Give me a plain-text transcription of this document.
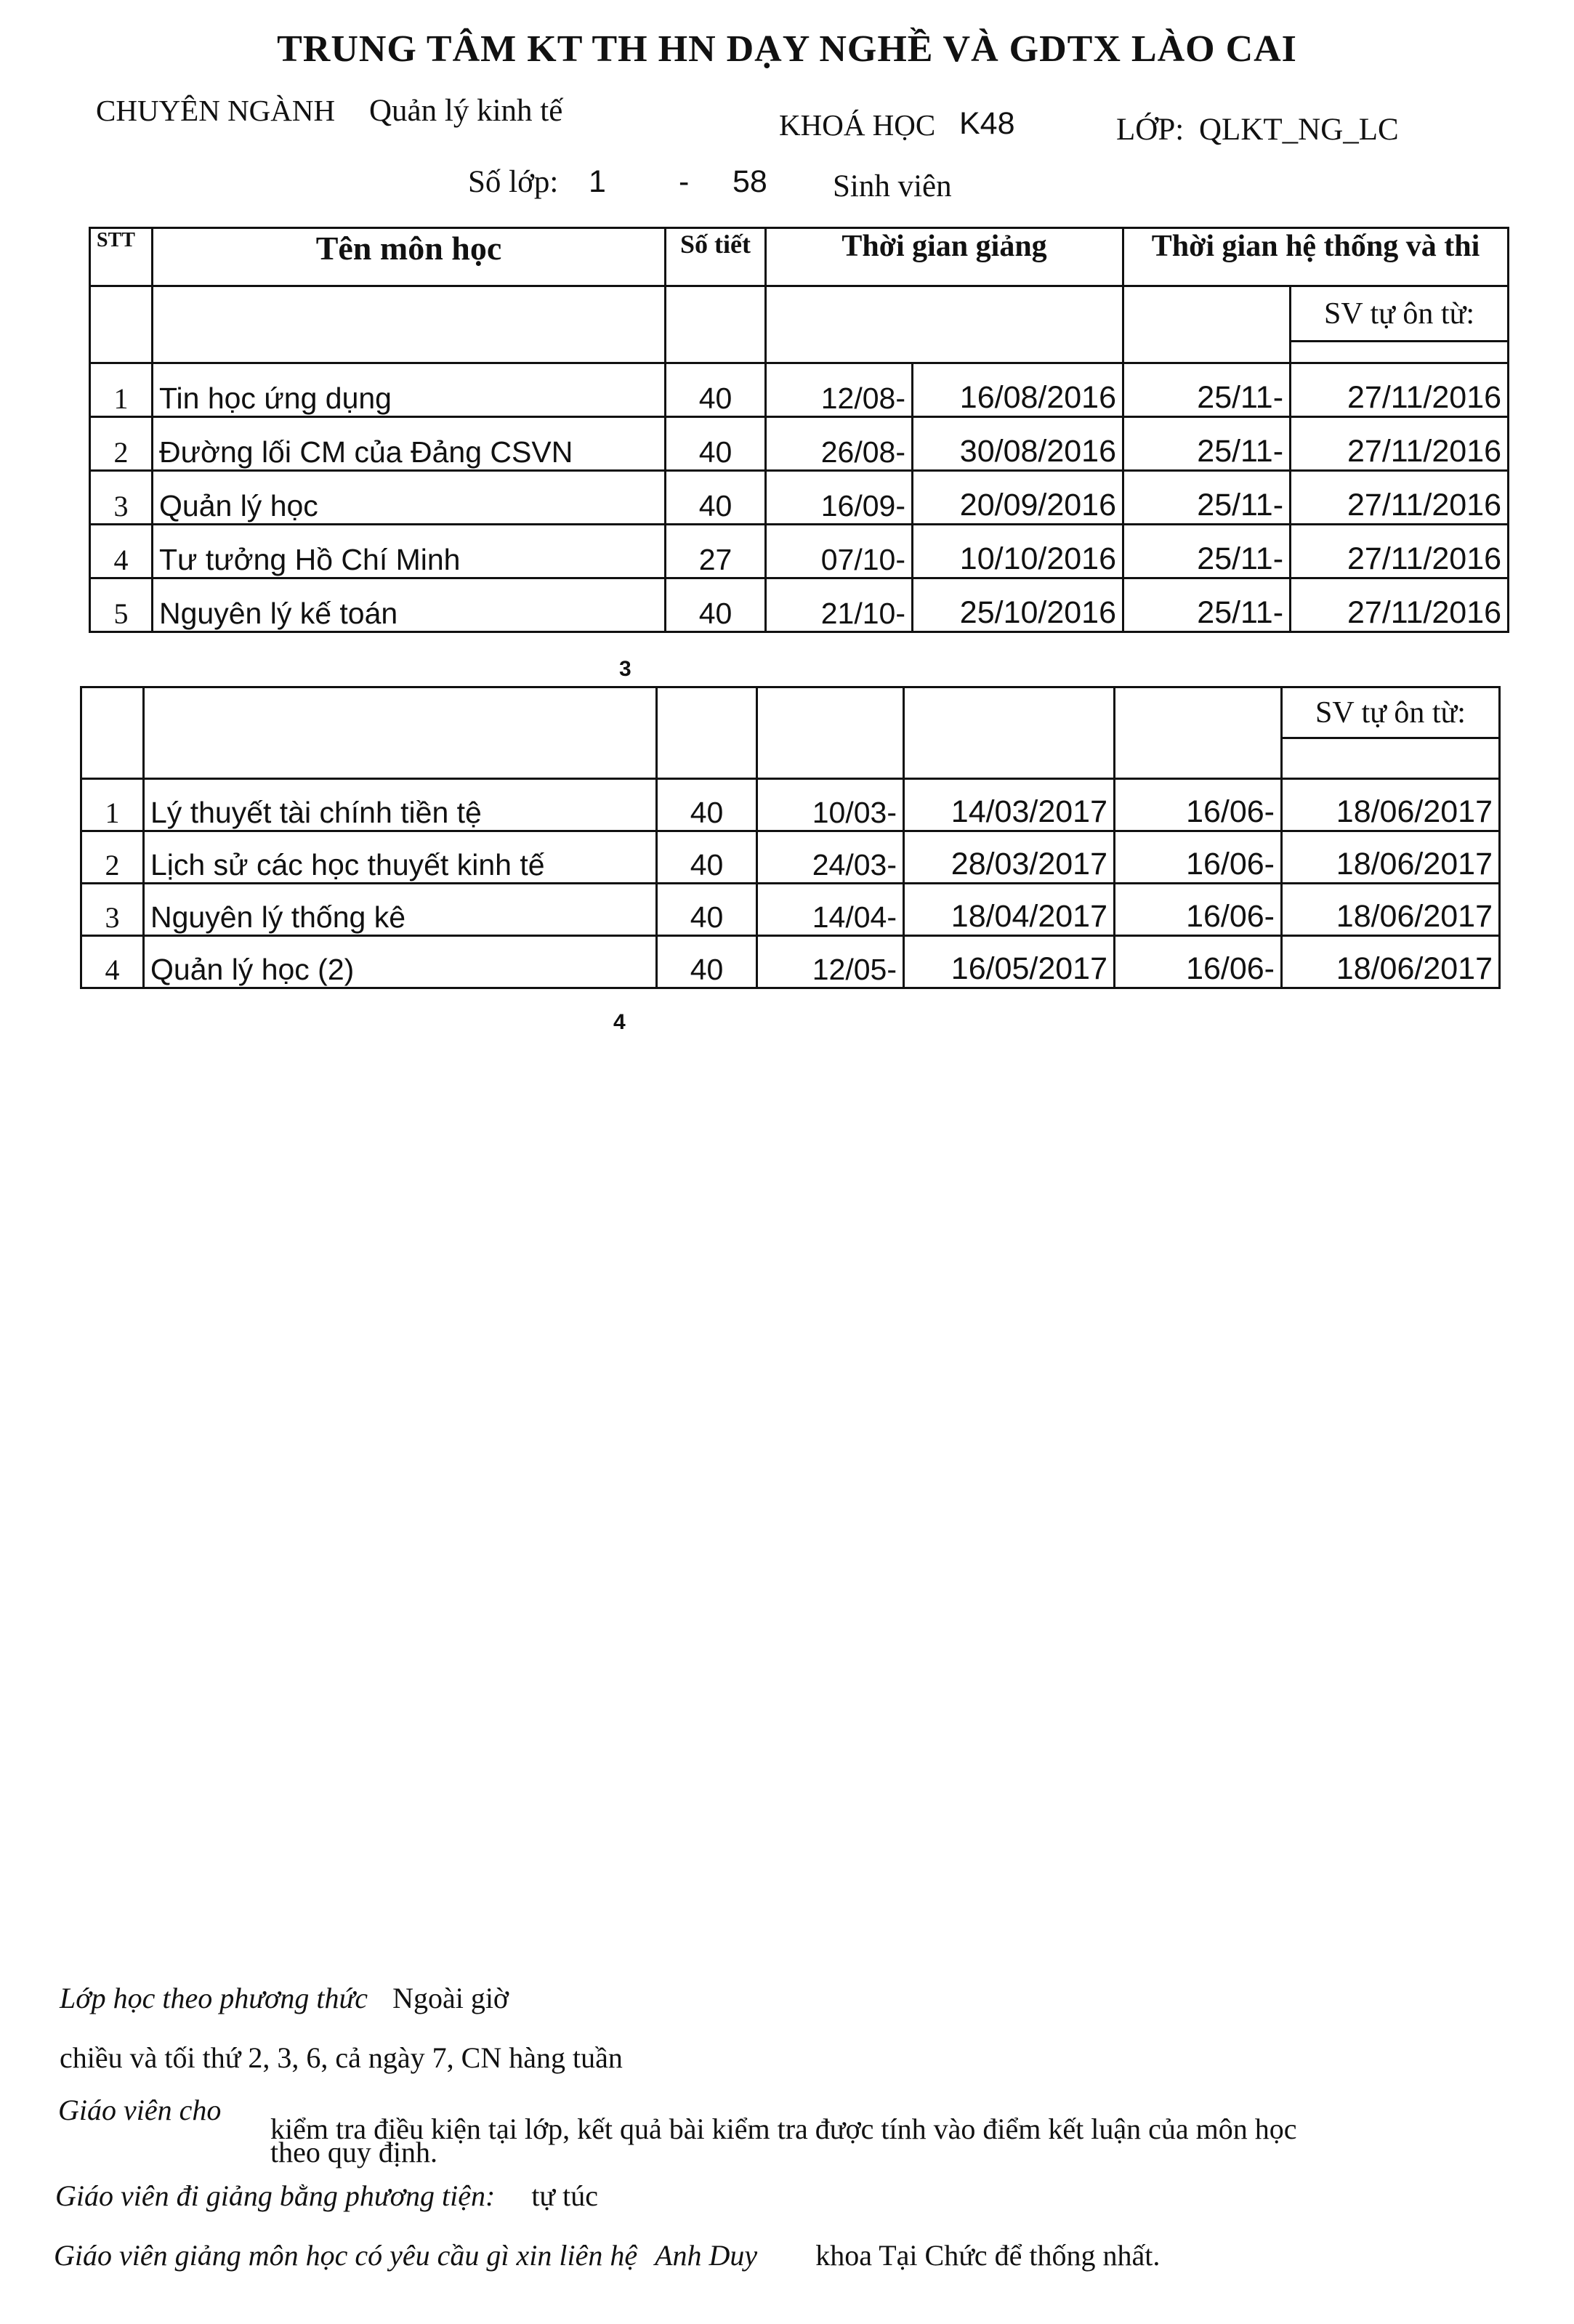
TRUNG TÂM KT TH HN DẠY NGHỀ VÀ GDTX LÀO CAI
CHUYÊN NGÀNH Quản lý kinh tế	KHOÁ HỌC K48	LỚP: QLKT_NG_LC
Số lớp: 1 - 58 Sinh viên
STT	Tên môn học	Số tiết	Thời gian giảng		Thời gian hệ thống và thi	
						SV tự ôn từ:

1	Tin học ứng dụng	40	12/08-	16/08/2016	25/11-	27/11/2016
2	Đường lối CM của Đảng CSVN	40	26/08-	30/08/2016	25/11-	27/11/2016
3	Quản lý học	40	16/09-	20/09/2016	25/11-	27/11/2016
4	Tư tưởng Hồ Chí Minh	27	07/10-	10/10/2016	25/11-	27/11/2016
5	Nguyên lý kế toán	40	21/10-	25/10/2016	25/11-	27/11/2016
3
						SV tự ôn từ:

1	Lý thuyết tài chính tiền tệ	40	10/03-	14/03/2017	16/06-	18/06/2017
2	Lịch sử các học thuyết kinh tế	40	24/03-	28/03/2017	16/06-	18/06/2017
3	Nguyên lý thống kê	40	14/04-	18/04/2017	16/06-	18/06/2017
4	Quản lý học (2)	40	12/05-	16/05/2017	16/06-	18/06/2017
4
Lớp học theo phương thức Ngoài giờ
chiều và tối thứ 2, 3, 6, cả ngày 7, CN hàng tuần
Giáo viên cho
kiểm tra điều kiện tại lớp, kết quả bài kiểm tra được tính vào điểm kết luận của môn học
theo quy định.
Giáo viên đi giảng bằng phương tiện: tự túc
Giáo viên giảng môn học có yêu cầu gì xin liên hệ Anh Duy khoa Tại Chức để thống nhất.
